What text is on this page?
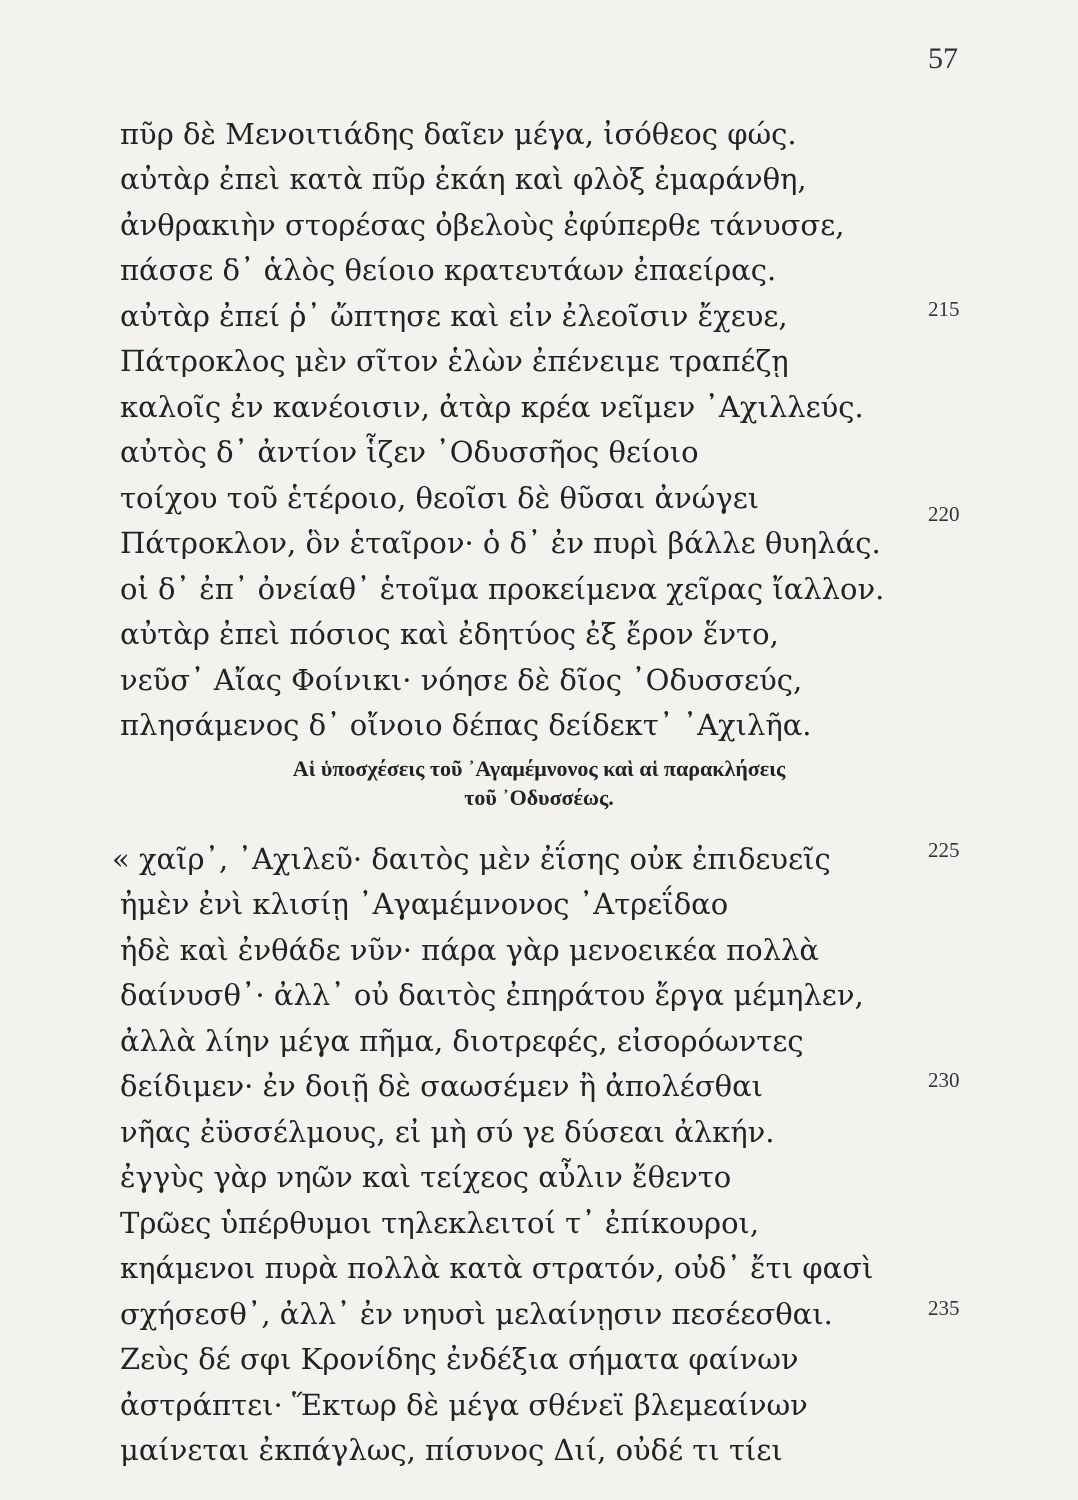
57
πῦρ δὲ Μενοιτιάδης δαῖεν μέγα, ἰσόθεος φώς.
αὐτὰρ ἐπεὶ κατὰ πῦρ ἐκάη καὶ φλὸξ ἐμαράνθη,
ἀνθρακιὴν στορέσας ὀβελοὺς ἐφύπερθε τάνυσσε,
πάσσε δ᾽ ἁλὸς θείοιο κρατευτάων ἐπαείρας.
αὐτὰρ ἐπεί ῥ᾽ ὤπτησε καὶ εἰν ἐλεοῖσιν ἔχευε,
Πάτροκλος μὲν σῖτον ἑλὼν ἐπένειμε τραπέζῃ
καλοῖς ἐν κανέοισιν, ἀτὰρ κρέα νεῖμεν ᾿Αχιλλεύς.
αὐτὸς δ᾽ ἀντίον ἷζεν ᾿Οδυσσῆος θείοιο
τοίχου τοῦ ἑτέροιο, θεοῖσι δὲ θῦσαι ἀνώγει
Πάτροκλον, ὃν ἑταῖρον· ὁ δ᾽ ἐν πυρὶ βάλλε θυηλάς.
οἱ δ᾽ ἐπ᾽ ὀνείαθ᾽ ἑτοῖμα προκείμενα χεῖρας ἴαλλον.
αὐτὰρ ἐπεὶ πόσιος καὶ ἐδητύος ἐξ ἔρον ἕντο,
νεῦσ᾽ Αἴας Φοίνικι· νόησε δὲ δῖος ᾿Οδυσσεύς,
πλησάμενος δ᾽ οἴνοιο δέπας δείδεκτ᾽ ᾿Αχιλῆα.
215
220
Αἱ ὑποσχέσεις τοῦ ᾿Αγαμέμνονος καὶ αἱ παρακλήσεις
τοῦ ᾿Οδυσσέως.
« χαῖρ᾽, ᾿Αχιλεῦ· δαιτὸς μὲν ἐΐσης οὐκ ἐπιδευεῖς
ἠμὲν ἐνὶ κλισίῃ ᾿Αγαμέμνονος ᾿Ατρεΐδαο
ἠδὲ καὶ ἐνθάδε νῦν· πάρα γὰρ μενοεικέα πολλὰ
δαίνυσθ᾽· ἀλλ᾽ οὐ δαιτὸς ἐπηράτου ἔργα μέμηλεν,
ἀλλὰ λίην μέγα πῆμα, διοτρεφές, εἰσορόωντες
δείδιμεν· ἐν δοιῇ δὲ σαωσέμεν ἢ ἀπολέσθαι
νῆας ἐϋσσέλμους, εἰ μὴ σύ γε δύσεαι ἀλκήν.
ἐγγὺς γὰρ νηῶν καὶ τείχεος αὖλιν ἔθεντο
Τρῶες ὑπέρθυμοι τηλεκλειτοί τ᾽ ἐπίκουροι,
κηάμενοι πυρὰ πολλὰ κατὰ στρατόν, οὐδ᾽ ἔτι φασὶ
σχήσεσθ᾽, ἀλλ᾽ ἐν νηυσὶ μελαίνῃσιν πεσέεσθαι.
Ζεὺς δέ σφι Κρονίδης ἐνδέξια σήματα φαίνων
ἀστράπτει· Ἕκτωρ δὲ μέγα σθένεϊ βλεμεαίνων
μαίνεται ἐκπάγλως, πίσυνος Διί, οὐδέ τι τίει
225
230
235
